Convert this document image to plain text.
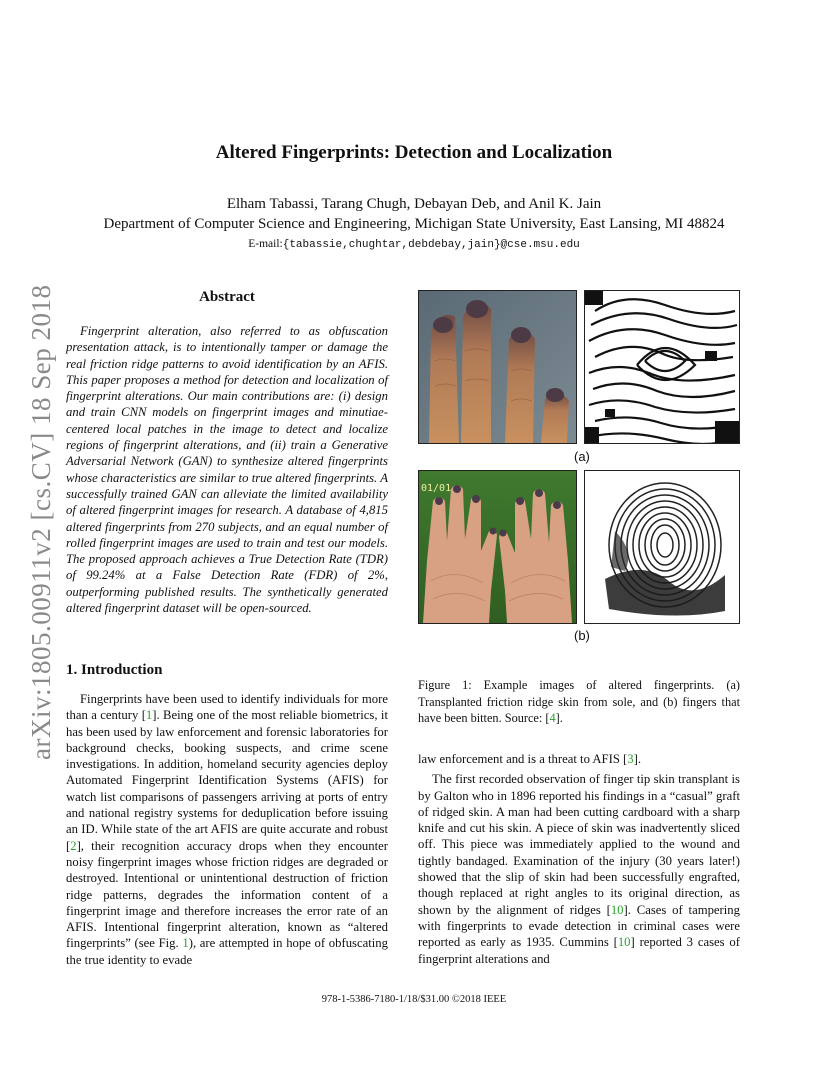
Altered Fingerprints: Detection and Localization
Elham Tabassi, Tarang Chugh, Debayan Deb, and Anil K. Jain
Department of Computer Science and Engineering, Michigan State University, East Lansing, MI 48824
E-mail:{tabassie,chughtar,debdebay,jain}@cse.msu.edu
arXiv:1805.00911v2 [cs.CV] 18 Sep 2018	Abstract

Fingerprint alteration, also referred to as obfuscation presentation attack, is to intentionally tamper or damage the real friction ridge patterns to avoid identification by an AFIS. This paper proposes a method for detection and localization of fingerprint alterations. Our main contributions are: (i) design and train CNN models on fingerprint images and minutiae-centered local patches in the image to detect and localize regions of fingerprint alterations, and (ii) train a Generative Adversarial Network (GAN) to synthesize altered fingerprints whose characteristics are similar to true altered fingerprints. A successfully trained GAN can alleviate the limited availability of altered fingerprint images for research. A database of 4,815 altered fingerprints from 270 subjects, and an equal number of rolled fingerprint images are used to train and test our models. The proposed approach achieves a True Detection Rate (TDR) of 99.24% at a False Detection Rate (FDR) of 2%, outperforming published results. The synthetically generated altered fingerprint dataset will be open-sourced.

1. Introduction

Fingerprints have been used to identify individuals for more than a century [1]. Being one of the most reliable biometrics, it has been used by law enforcement and forensic laboratories for background checks, booking suspects, and crime scene investigations. In addition, homeland security agencies deploy Automated Fingerprint Identification Systems (AFIS) for watch list comparisons of passengers arriving at ports of entry and national registry systems for deduplication before issuing an ID. While state of the art AFIS are quite accurate and robust [2], their recognition accuracy drops when they encounter noisy fingerprint images whose friction ridges are degraded or destroyed. Intentional or unintentional destruction of friction ridge patterns, degrades the information content of a fingerprint image and therefore increases the error rate of an AFIS. Intentional fingerprint alteration, known as “altered fingerprints” (see Fig. 1), are attempted in hope of obfuscating the true identity to evade

(a)
01/01
(b)

Figure 1: Example images of altered fingerprints. (a) Transplanted friction ridge skin from sole, and (b) fingers that have been bitten. Source: [4].

law enforcement and is a threat to AFIS [3].

The first recorded observation of finger tip skin transplant is by Galton who in 1896 reported his findings in a “casual” graft of ridged skin. A man had been cutting cardboard with a sharp knife and cut his skin. A piece of skin was inadvertently sliced off. This piece was immediately applied to the wound and tightly bandaged. Examination of the injury (30 years later!) showed that the slip of skin had been successfully engrafted, though replaced at right angles to its original direction, as shown by the alignment of ridges [10]. Cases of tampering with fingerprints to evade detection in criminal cases were reported as early as 1935. Cummins [10] reported 3 cases of fingerprint alterations and

978-1-5386-7180-1/18/$31.00 ©2018 IEEE
